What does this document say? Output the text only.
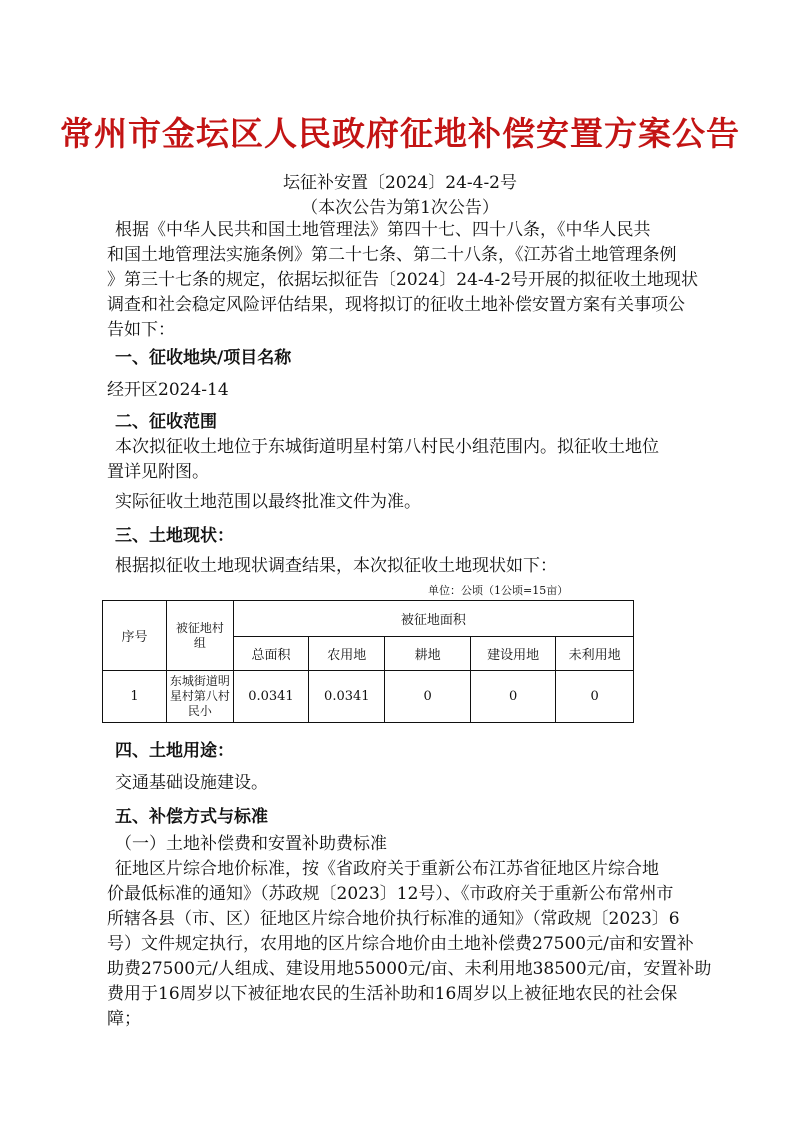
常州市金坛区人民政府征地补偿安置方案公告
坛征补安置〔2024〕24-4-2号
（本次公告为第1次公告）
根据《中华人民共和国土地管理法》第四十七、四十八条，《中华人民共
和国土地管理法实施条例》第二十七条、第二十八条，《江苏省土地管理条例
》第三十七条的规定，依据坛拟征告〔2024〕24-4-2号开展的拟征收土地现状
调查和社会稳定风险评估结果，现将拟订的征收土地补偿安置方案有关事项公
告如下：
一、征收地块/项目名称
经开区2024-14
二、征收范围
本次拟征收土地位于东城街道明星村第八村民小组范围内。拟征收土地位
置详见附图。
实际征收土地范围以最终批准文件为准。
三、土地现状：
根据拟征收土地现状调查结果，本次拟征收土地现状如下：
单位：公顷（1公顷=15亩）
序号	被征地村组	被征地面积				
		总面积	农用地	耕地	建设用地	未利用地
1	东城街道明星村第八村民小	0.0341	0.0341	0	0	0
四、土地用途：
交通基础设施建设。
五、补偿方式与标准
（一）土地补偿费和安置补助费标准
征地区片综合地价标准，按《省政府关于重新公布江苏省征地区片综合地
价最低标准的通知》（苏政规〔2023〕12号）、《市政府关于重新公布常州市
所辖各县（市、区）征地区片综合地价执行标准的通知》（常政规〔2023〕6
号）文件规定执行，农用地的区片综合地价由土地补偿费27500元/亩和安置补
助费27500元/人组成、建设用地55000元/亩、未利用地38500元/亩，安置补助
费用于16周岁以下被征地农民的生活补助和16周岁以上被征地农民的社会保
障；
